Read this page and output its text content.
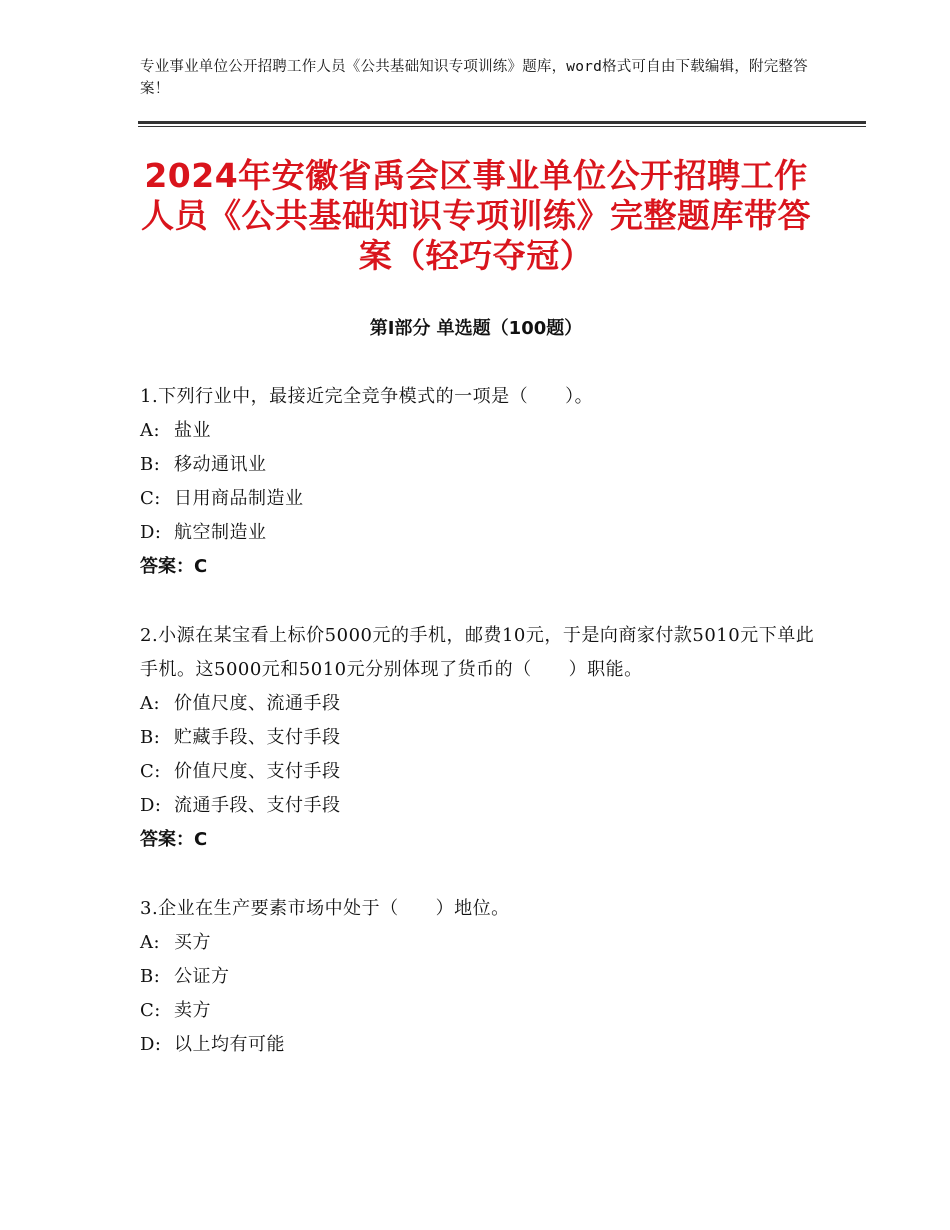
专业事业单位公开招聘工作人员《公共基础知识专项训练》题库，word格式可自由下载编辑，附完整答案！
2024年安徽省禹会区事业单位公开招聘工作人员《公共基础知识专项训练》完整题库带答案（轻巧夺冠）
第Ⅰ部分 单选题（100题）

1.下列行业中，最接近完全竞争模式的一项是（　　）。

A: 盐业

B: 移动通讯业

C: 日用商品制造业

D: 航空制造业

答案：C

2.小源在某宝看上标价5000元的手机，邮费10元，于是向商家付款5010元下单此手机。这5000元和5010元分别体现了货币的（　　）职能。

A: 价值尺度、流通手段

B: 贮藏手段、支付手段

C: 价值尺度、支付手段

D: 流通手段、支付手段

答案：C

3.企业在生产要素市场中处于（　　）地位。

A: 买方

B: 公证方

C: 卖方

D: 以上均有可能
